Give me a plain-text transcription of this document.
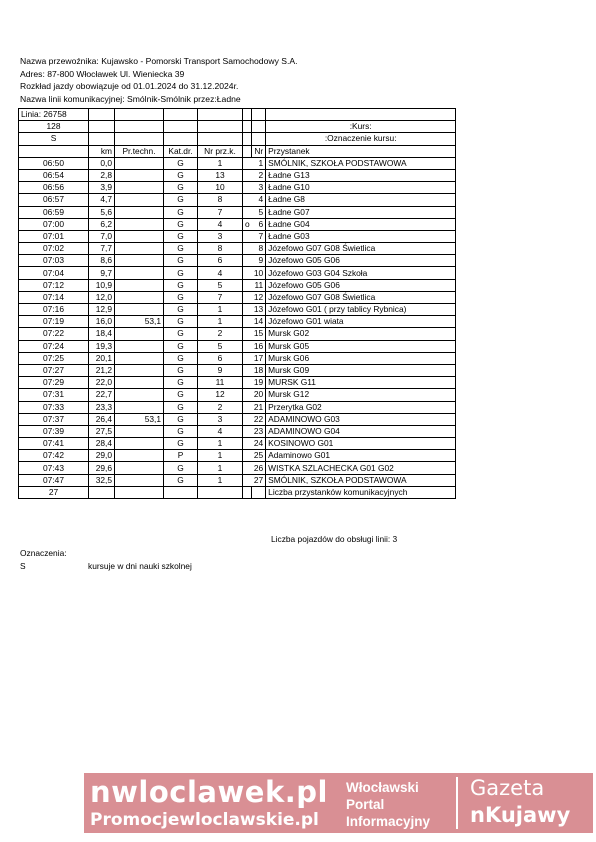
Nazwa przewoźnika: Kujawsko - Pomorski Transport Samochodowy S.A.
Adres: 87-800 Włocławek Ul. Wieniecka 39
Rozkład jazdy obowiązuje od 01.01.2024 do 31.12.2024r.
Nazwa linii komunikacyjnej: Smólnik-Smólnik przez:Ładne
Linia: 26758							
128							:Kurs:
S							:Oznaczenie kursu:
	km	Pr.techn.	Kat.dr.	Nr prz.k.		Nr	Przystanek
06:50	0,0		G	1		1	SMÓLNIK, SZKOŁA PODSTAWOWA
06:54	2,8		G	13		2	Ładne G13
06:56	3,9		G	10		3	Ładne G10
06:57	4,7		G	8		4	Ładne G8
06:59	5,6		G	7		5	Ładne G07
07:00	6,2		G	4	o	6	Ładne G04
07:01	7,0		G	3		7	Ładne G03
07:02	7,7		G	8		8	Józefowo G07 G08 Świetlica
07:03	8,6		G	6		9	Józefowo G05 G06
07:04	9,7		G	4		10	Józefowo G03 G04 Szkoła
07:12	10,9		G	5		11	Józefowo G05 G06
07:14	12,0		G	7		12	Józefowo G07 G08 Świetlica
07:16	12,9		G	1		13	Józefowo G01 ( przy tablicy Rybnica)
07:19	16,0	53,1	G	1		14	Józefowo G01 wiata
07:22	18,4		G	2		15	Mursk G02
07:24	19,3		G	5		16	Mursk G05
07:25	20,1		G	6		17	Mursk G06
07:27	21,2		G	9		18	Mursk G09
07:29	22,0		G	11		19	MURSK G11
07:31	22,7		G	12		20	Mursk G12
07:33	23,3		G	2		21	Przerytka G02
07:37	26,4	53,1	G	3		22	ADAMINOWO G03
07:39	27,5		G	4		23	ADAMINOWO G04
07:41	28,4		G	1		24	KOSINOWO G01
07:42	29,0		P	1		25	Adaminowo G01
07:43	29,6		G	1		26	WISTKA SZLACHECKA G01 G02
07:47	32,5		G	1		27	SMÓLNIK, SZKOŁA PODSTAWOWA
27							Liczba przystanków komunikacyjnych
Liczba pojazdów do obsługi linii: 3
Oznaczenia:
S	kursuje w dni nauki szkolnej
nwloclawek.pl
Promocjewloclawskie.pl
Włocławski
Portal
Informacyjny
Gazeta
nKujawy
